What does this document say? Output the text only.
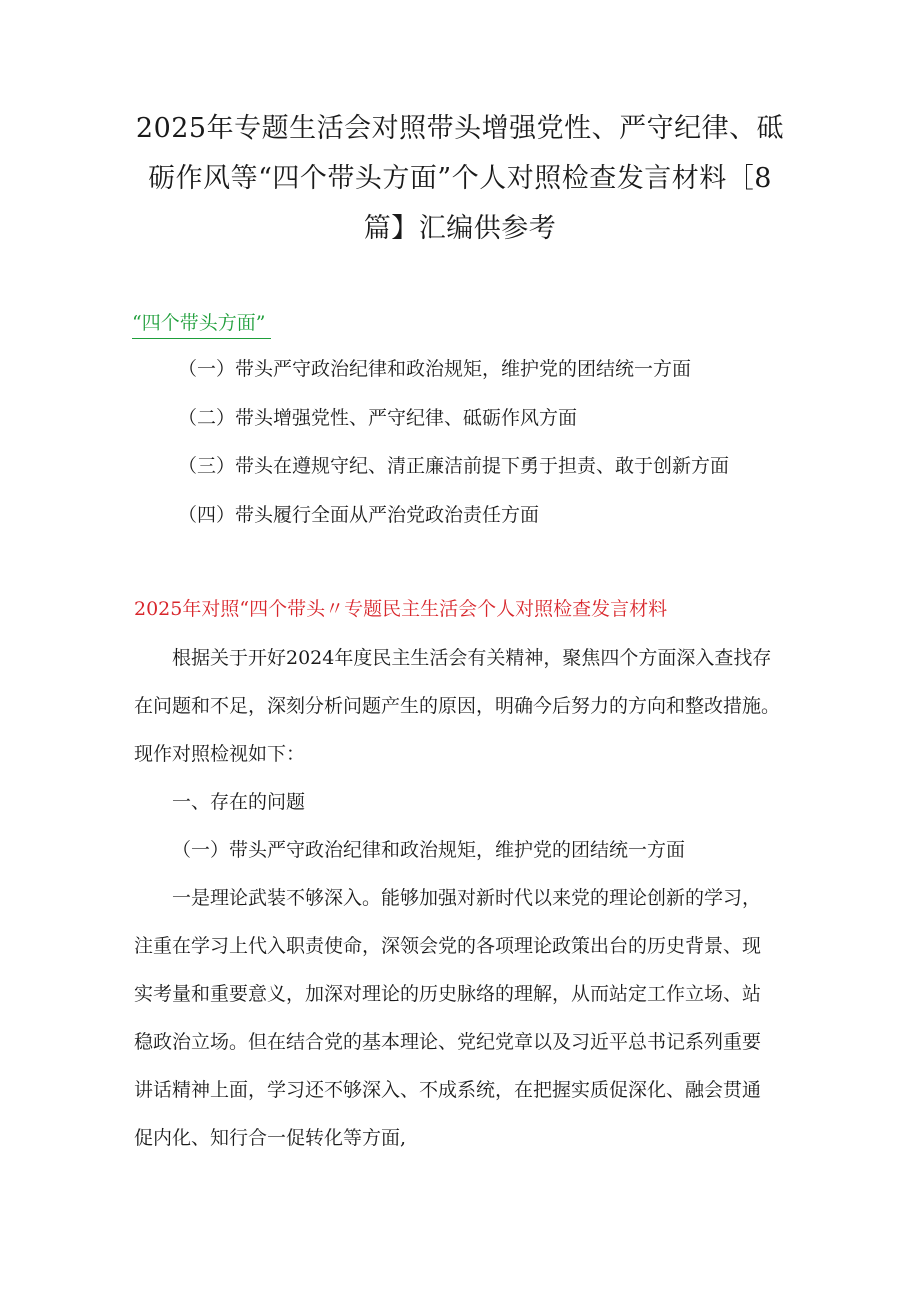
2025年专题生活会对照带头增强党性、严守纪律、砥
砺作风等“四个带头方面”个人对照检查发言材料［8
篇】汇编供参考
“四个带头方面”
（一）带头严守政治纪律和政治规矩，维护党的团结统一方面
（二）带头增强党性、严守纪律、砥砺作风方面
（三）带头在遵规守纪、清正廉洁前提下勇于担责、敢于创新方面
（四）带头履行全面从严治党政治责任方面
2025年对照“四个带头〃专题民主生活会个人对照检查发言材料
根据关于开好2024年度民主生活会有关精神，聚焦四个方面深入查找存
在问题和不足，深刻分析问题产生的原因，明确今后努力的方向和整改措施。
现作对照检视如下：
一、存在的问题
（一）带头严守政治纪律和政治规矩，维护党的团结统一方面
一是理论武装不够深入。能够加强对新时代以来党的理论创新的学习，
注重在学习上代入职责使命，深领会党的各项理论政策出台的历史背景、现
实考量和重要意义，加深对理论的历史脉络的理解，从而站定工作立场、站
稳政治立场。但在结合党的基本理论、党纪党章以及习近平总书记系列重要
讲话精神上面，学习还不够深入、不成系统，在把握实质促深化、融会贯通
促内化、知行合一促转化等方面,
